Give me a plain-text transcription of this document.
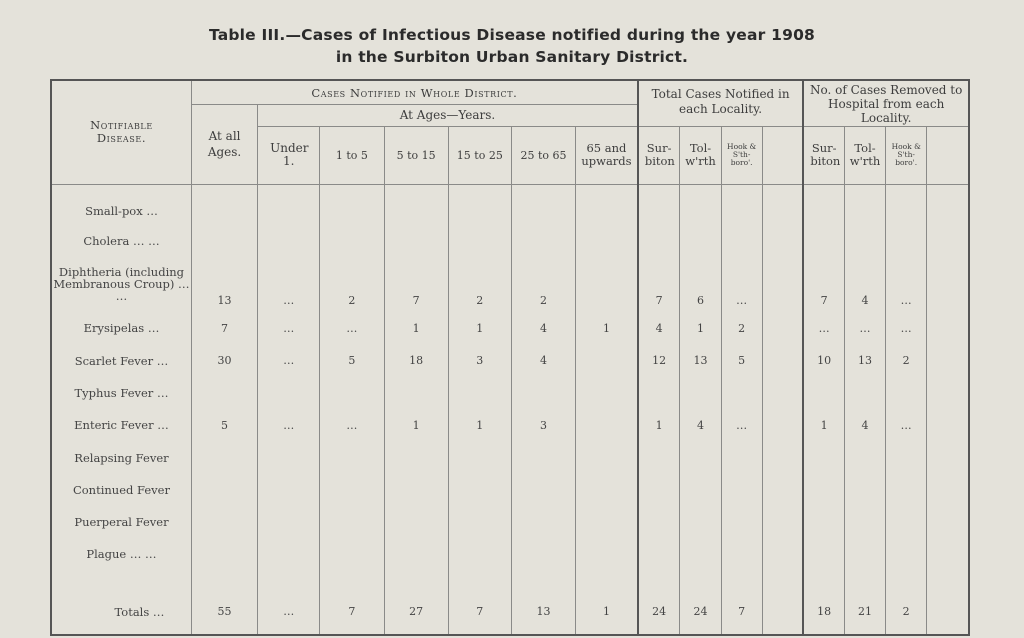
Table III.—Cases of Infectious Disease notified during the year 1908
in the Surbiton Urban Sanitary District.
Notifiable Disease.	Cases Notified in Whole District.							Total Cases Notified in each Locality.				No. of Cases Removed to Hospital from each Locality.			
	At all Ages.	At Ages—Years.													
		Under 1.	1 to 5	5 to 15	15 to 25	25 to 65	65 and upwards	Sur-biton	Tol-w'rth	Hook & S'th-boro'.		Sur-biton	Tol-w'rth	Hook & S'th-boro'.	

Small-pox …															
Cholera … …															
Diphtheria (including Membranous Croup) … …	13	…	2	7	2	2		7	6	…		7	4	…	
Erysipelas …	7	…	…	1	1	4	1	4	1	2		…	…	…	
Scarlet Fever …	30	…	5	18	3	4		12	13	5		10	13	2	
Typhus Fever …															
Enteric Fever …	5	…	…	1	1	3		1	4	…		1	4	…	
Relapsing Fever															
Continued Fever															
Puerperal Fever															
Plague … …															

Totals …	55	…	7	27	7	13	1	24	24	7		18	21	2	
